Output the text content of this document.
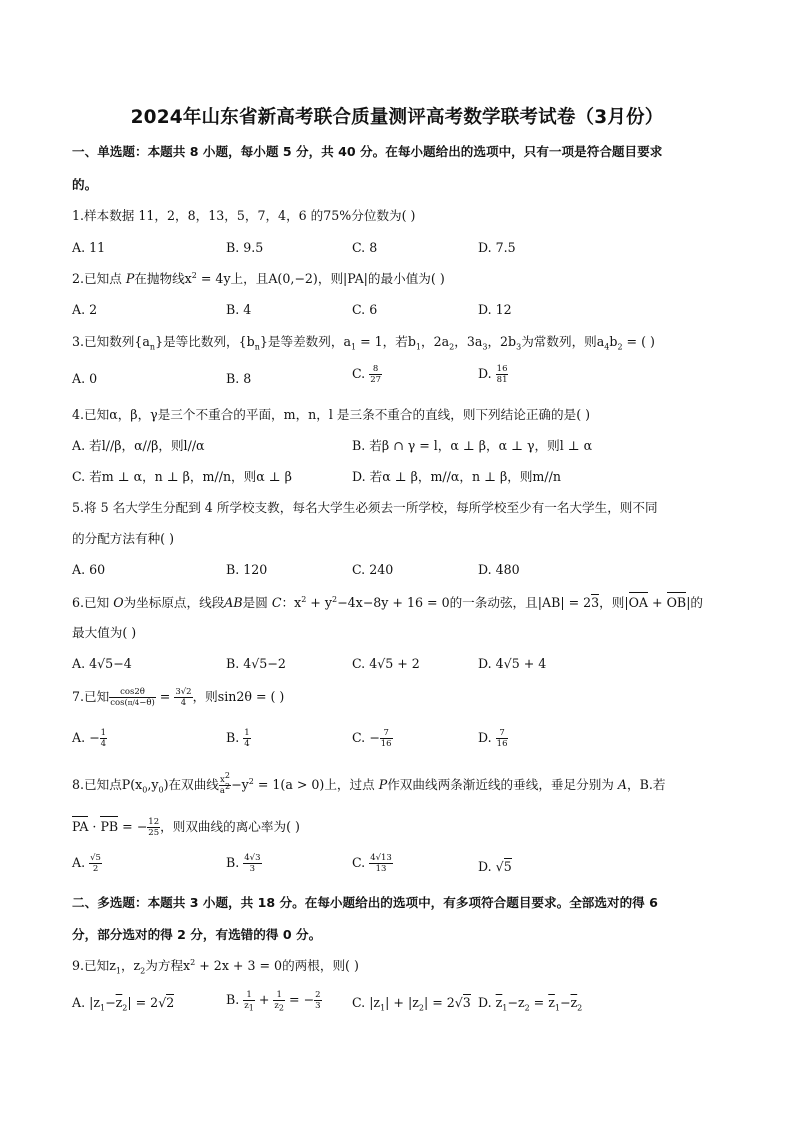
2024年山东省新高考联合质量测评高考数学联考试卷（3月份）
一、单选题：本题共 8 小题，每小题 5 分，共 40 分。在每小题给出的选项中，只有一项是符合题目要求
的。
1.样本数据 11，2，8，13，5，7，4，6 的75%分位数为( )
A. 11	B. 9.5	C. 8	D. 7.5
2.已知点 P在抛物线$x^2 = 4y$上，且A(0,−2)，则|PA|的最小值为( )
A. 2	B. 4	C. 6	D. 12
3.已知数列$\{a_n\}$是等比数列，$\{b_n\}$是等差数列，$a_1 = 1$，若$b_1$，$2a_2$，$3a_3$，$2b_3$为常数列，则$a_4b_2$ = ( )
A. 0	B. 8	C. $\frac{8}{27}$	D. $\frac{16}{81}$
4.已知α，β，γ是三个不重合的平面，m，n，l 是三条不重合的直线，则下列结论正确的是( )
A. 若l//β，α//β，则l//α	B. 若β ∩ γ = l，α ⊥ β，α ⊥ γ，则l ⊥ α
C. 若m ⊥ α，n ⊥ β，m//n，则α ⊥ β	D. 若α ⊥ β，m//α，n ⊥ β，则m//n
5.将 5 名大学生分配到 4 所学校支教，每名大学生必须去一所学校，每所学校至少有一名大学生，则不同
的分配方法有种( )
A. 60	B. 120	C. 240	D. 480
6.已知 O为坐标原点，线段AB是圆 C：$x^2 + y^2-4x-8y + 16 = 0$的一条动弦，且|AB| = 23，则|OA + OB|的
最大值为( )
A. 4√5−4	B. 4√5−2	C. 4√5 + 2	D. 4√5 + 4
7.已知 $\frac{\cos 2\theta}{\cos(\pi/4-\theta)} = \frac{3√2}{4}$ ，则sin2θ = ( )
A. − $\frac{1}{4}$	B. $\frac{1}{4}$	C. − $\frac{7}{16}$	D. $\frac{7}{16}$
8.已知点$P(x_0,y_0)$在双曲线 $\frac{x^2}{a^2} -y^2 = 1(a > 0)$上，过点 P作双曲线两条渐近线的垂线，垂足分别为 A，B.若
PA · PB = − $\frac{12}{25}$ ，则双曲线的离心率为( )
A. $\frac{√5}{2}$	B. $\frac{4√3}{3}$	C. $\frac{4√13}{13}$	D. √5
二、多选题：本题共 3 小题，共 18 分。在每小题给出的选项中，有多项符合题目要求。全部选对的得 6
分，部分选对的得 2 分，有选错的得 0 分。
9.已知$z_1$，$z_2$为方程$x^2 + 2x + 3 = 0$的两根，则( )
A. $|z_1-\overline{z}_2| = 2√2$	B. $\frac{1}{z_1} + \frac{1}{z_2}$ = − $\frac{2}{3} C$. $|z_1| + |z_2| = 2√3$ D. $\overline{z}_1-z_2 = \overline{z}_1-\overline{z}_2$
